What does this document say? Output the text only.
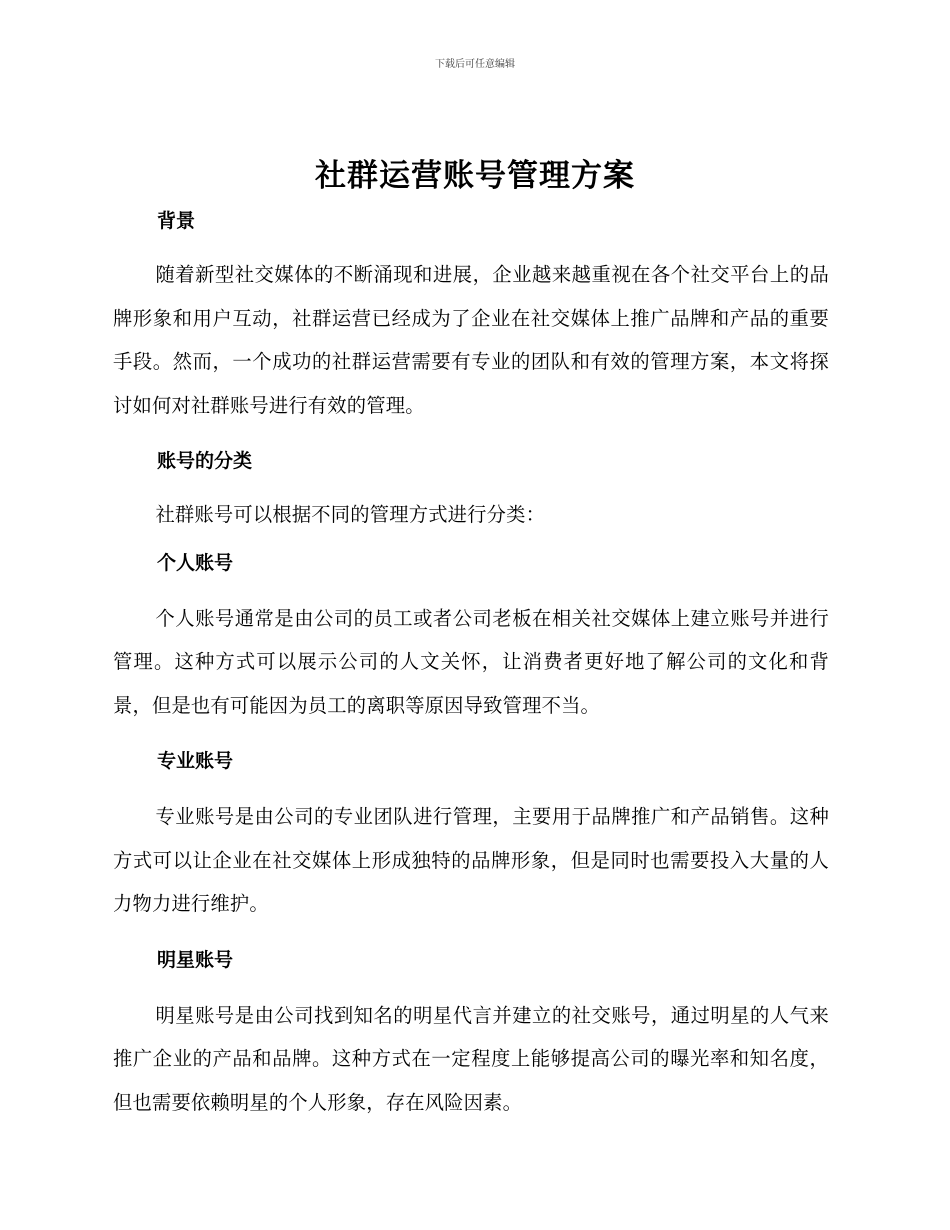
下载后可任意编辑
社群运营账号管理方案
背景

随着新型社交媒体的不断涌现和进展，企业越来越重视在各个社交平台上的品牌形象和用户互动，社群运营已经成为了企业在社交媒体上推广品牌和产品的重要手段。然而，一个成功的社群运营需要有专业的团队和有效的管理方案，本文将探讨如何对社群账号进行有效的管理。

账号的分类

社群账号可以根据不同的管理方式进行分类：

个人账号

个人账号通常是由公司的员工或者公司老板在相关社交媒体上建立账号并进行管理。这种方式可以展示公司的人文关怀，让消费者更好地了解公司的文化和背景，但是也有可能因为员工的离职等原因导致管理不当。

专业账号

专业账号是由公司的专业团队进行管理，主要用于品牌推广和产品销售。这种方式可以让企业在社交媒体上形成独特的品牌形象，但是同时也需要投入大量的人力物力进行维护。

明星账号

明星账号是由公司找到知名的明星代言并建立的社交账号，通过明星的人气来推广企业的产品和品牌。这种方式在一定程度上能够提高公司的曝光率和知名度，但也需要依赖明星的个人形象，存在风险因素。
